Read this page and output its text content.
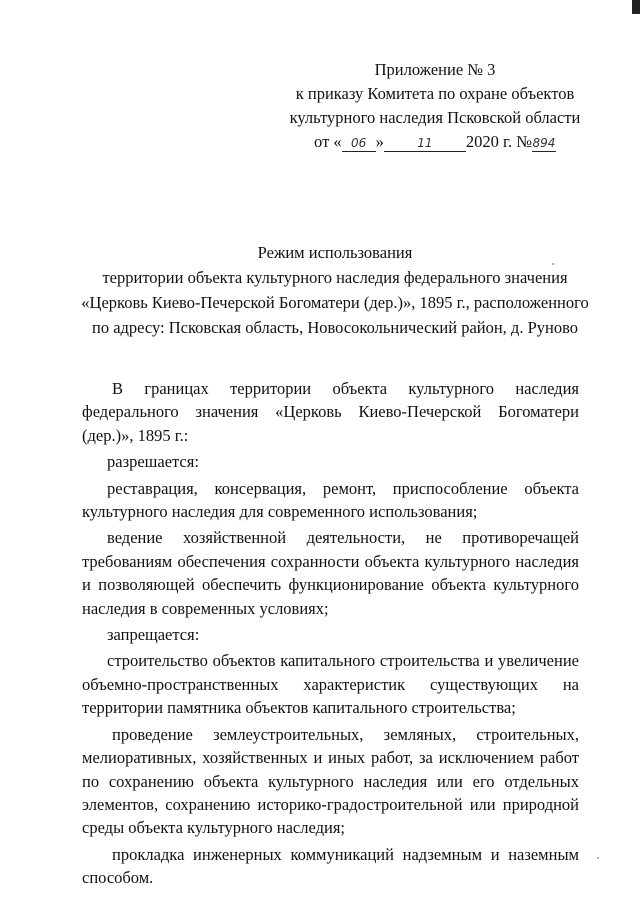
Приложение № 3
к приказу Комитета по охране объектов
культурного наследия Псковской области
от « 06 »	11 2020 г. №894
Режим использования
территории объекта культурного наследия федерального значения
«Церковь Киево-Печерской Богоматери (дер.)», 1895 г., расположенного
по адресу: Псковская область, Новосокольнический район, д. Руново

В границах территории объекта культурного наследия федерального значения «Церковь Киево-Печерской Богоматери (дер.)», 1895 г.:

разрешается:

реставрация, консервация, ремонт, приспособление объекта культурного наследия для современного использования;

ведение хозяйственной деятельности, не противоречащей требованиям обеспечения сохранности объекта культурного наследия и позволяющей обеспечить функционирование объекта культурного наследия в современных условиях;

запрещается:

строительство объектов капитального строительства и увеличение объемно-пространственных характеристик существующих на территории памятника объектов капитального строительства;

проведение землеустроительных, земляных, строительных, мелиоративных, хозяйственных и иных работ, за исключением работ по сохранению объекта культурного наследия или его отдельных элементов, сохранению историко-градостроительной или природной среды объекта культурного наследия;

прокладка инженерных коммуникаций надземным и наземным способом.
